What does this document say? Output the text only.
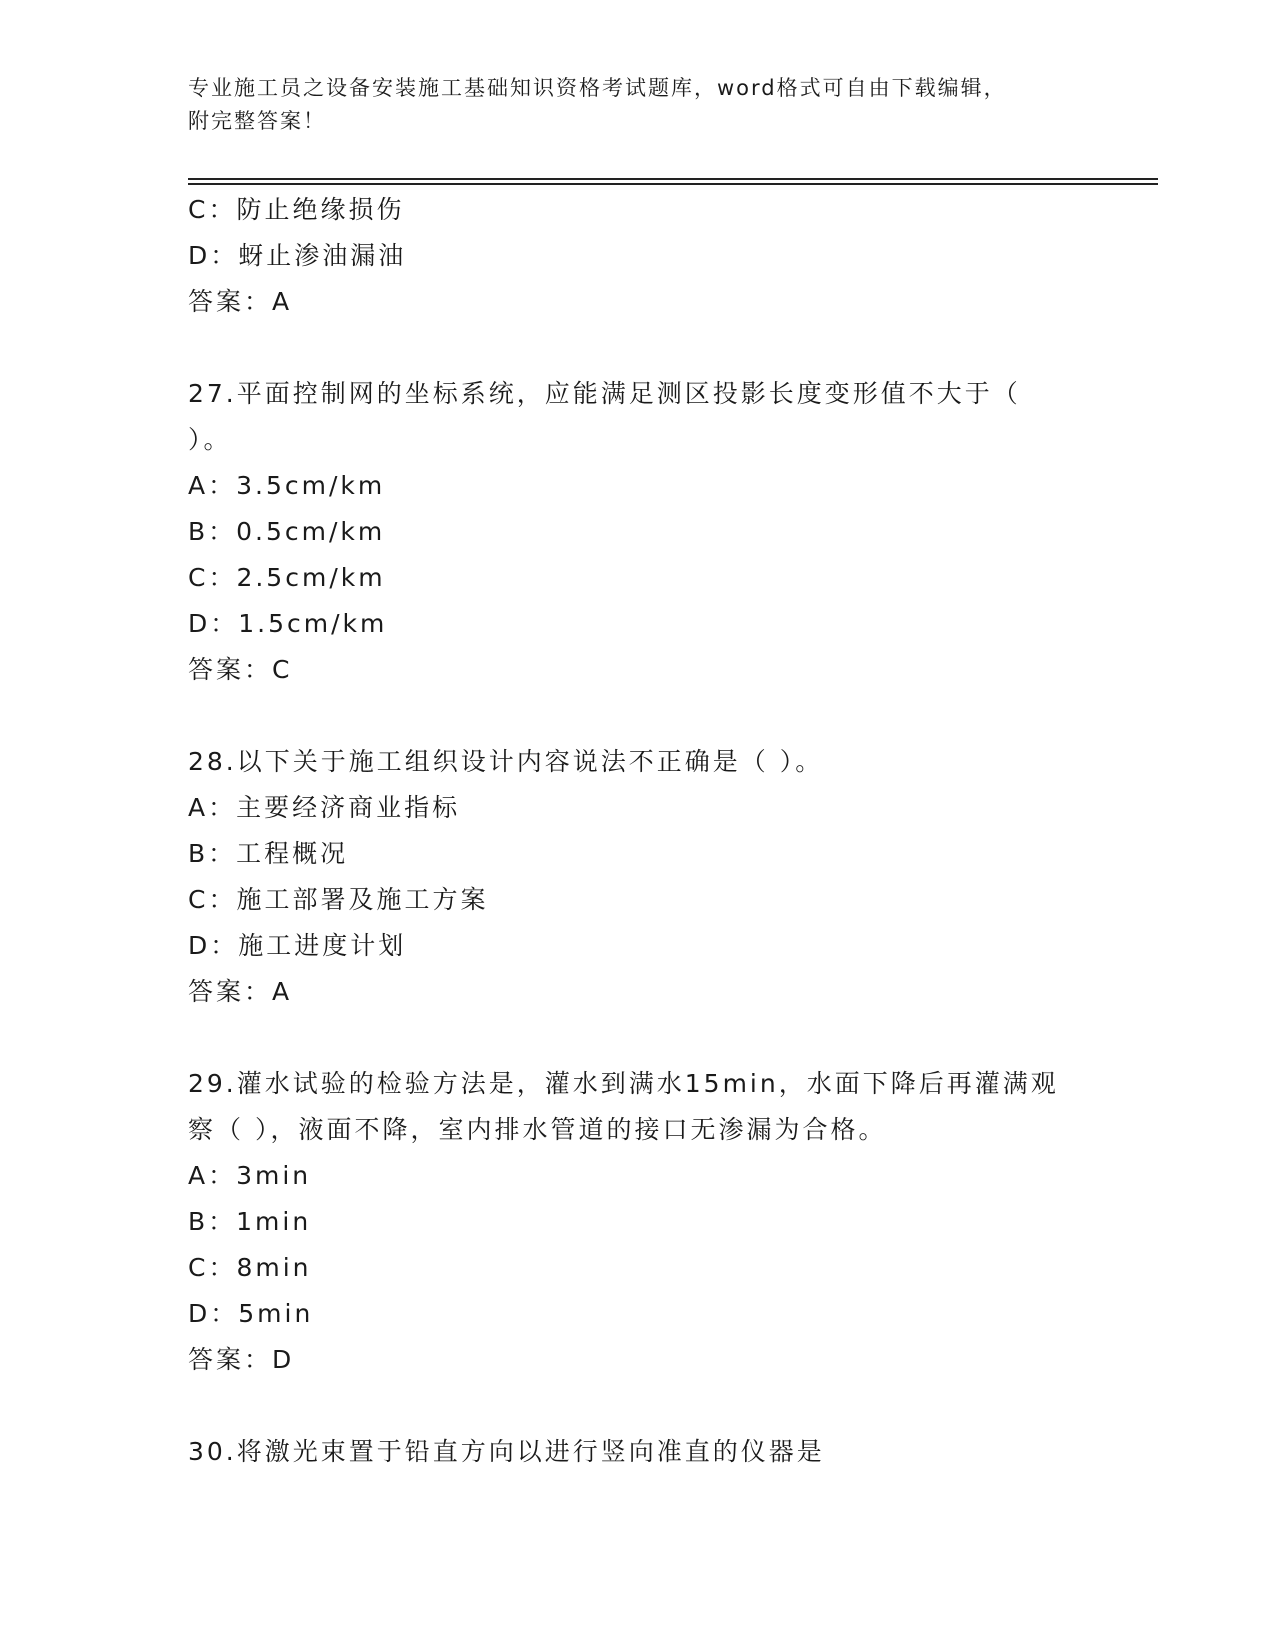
专业施工员之设备安装施工基础知识资格考试题库，word格式可自由下载编辑，
附完整答案！
C：防止绝缘损伤
D：蚜止渗油漏油
答案：A
27.平面控制网的坐标系统，应能满足测区投影长度变形值不大于（
）。
A：3.5cm/km
B：0.5cm/km
C：2.5cm/km
D：1.5cm/km
答案：C
28.以下关于施工组织设计内容说法不正确是（ ）。
A：主要经济商业指标
B：工程概况
C：施工部署及施工方案
D：施工进度计划
答案：A
29.灌水试验的检验方法是，灌水到满水15min，水面下降后再灌满观
察（ ），液面不降，室内排水管道的接口无渗漏为合格。
A：3min
B：1min
C：8min
D：5min
答案：D
30.将激光束置于铅直方向以进行竖向准直的仪器是
